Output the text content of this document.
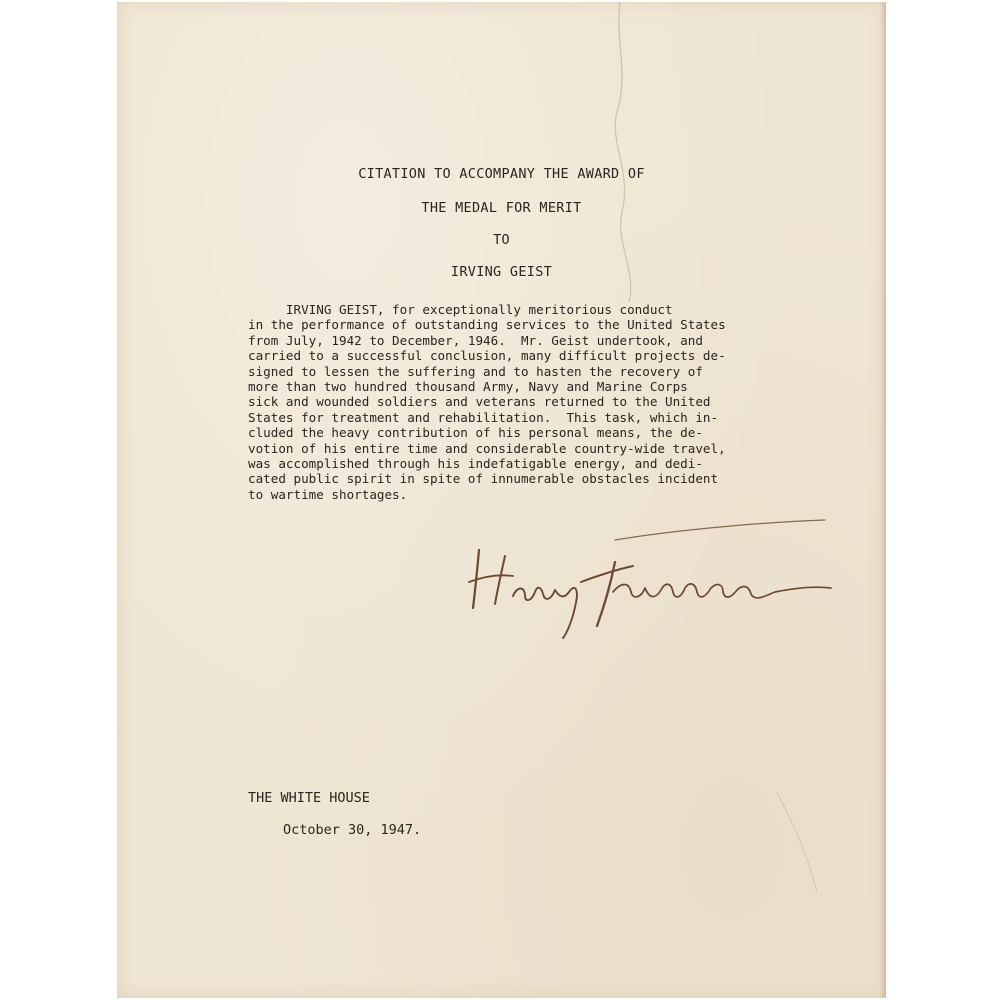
CITATION TO ACCOMPANY THE AWARD OF
THE MEDAL FOR MERIT
TO
IRVING GEIST
IRVING GEIST, for exceptionally meritorious conduct
in the performance of outstanding services to the United States
from July, 1942 to December, 1946.  Mr. Geist undertook, and
carried to a successful conclusion, many difficult projects de-
signed to lessen the suffering and to hasten the recovery of
more than two hundred thousand Army, Navy and Marine Corps
sick and wounded soldiers and veterans returned to the United
States for treatment and rehabilitation.  This task, which in-
cluded the heavy contribution of his personal means, the de-
votion of his entire time and considerable country-wide travel,
was accomplished through his indefatigable energy, and dedi-
cated public spirit in spite of innumerable obstacles incident
to wartime shortages.
THE WHITE HOUSE
October 30, 1947.
